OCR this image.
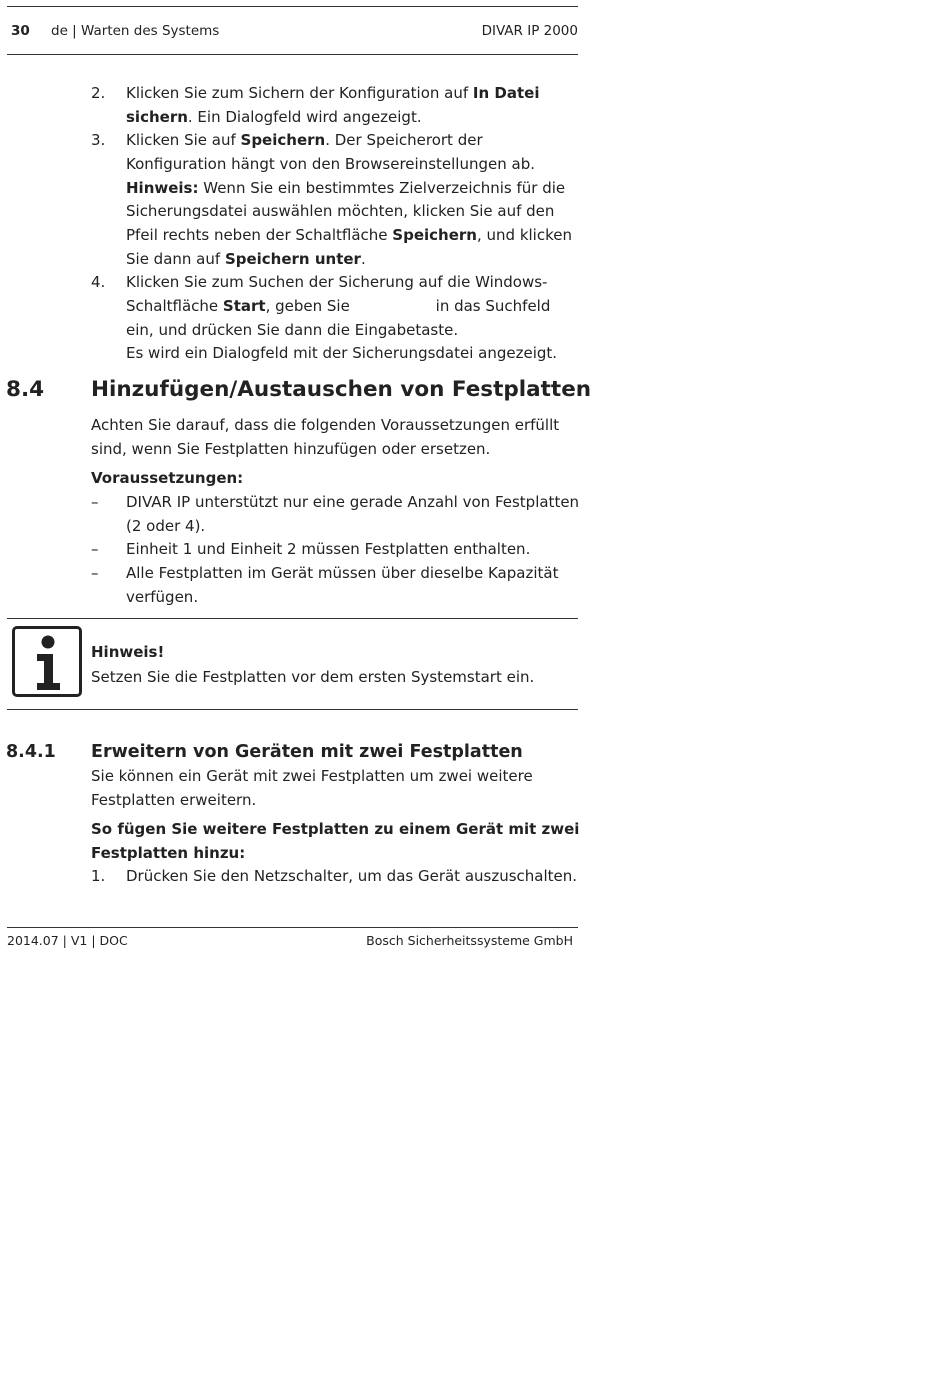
30 de | Warten des Systems	DIVAR IP 2000
2. Klicken Sie zum Sichern der Konfiguration auf In Datei
sichern. Ein Dialogfeld wird angezeigt.
3. Klicken Sie auf Speichern. Der Speicherort der
Konfiguration hängt von den Browsereinstellungen ab.
Hinweis: Wenn Sie ein bestimmtes Zielverzeichnis für die
Sicherungsdatei auswählen möchten, klicken Sie auf den
Pfeil rechts neben der Schaltfläche Speichern, und klicken
Sie dann auf Speichern unter.
4. Klicken Sie zum Suchen der Sicherung auf die Windows-
Schaltfläche Start, geben Sie                  in das Suchfeld
ein, und drücken Sie dann die Eingabetaste.
Es wird ein Dialogfeld mit der Sicherungsdatei angezeigt.
8.4 Hinzufügen/Austauschen von Festplatten
Achten Sie darauf, dass die folgenden Voraussetzungen erfüllt
sind, wenn Sie Festplatten hinzufügen oder ersetzen.
Voraussetzungen:
– DIVAR IP unterstützt nur eine gerade Anzahl von Festplatten
(2 oder 4).
– Einheit 1 und Einheit 2 müssen Festplatten enthalten.
– Alle Festplatten im Gerät müssen über dieselbe Kapazität
verfügen.
Hinweis!
Setzen Sie die Festplatten vor dem ersten Systemstart ein.
8.4.1 Erweitern von Geräten mit zwei Festplatten
Sie können ein Gerät mit zwei Festplatten um zwei weitere
Festplatten erweitern.
So fügen Sie weitere Festplatten zu einem Gerät mit zwei
Festplatten hinzu:
1. Drücken Sie den Netzschalter, um das Gerät auszuschalten.
2014.07 | V1 | DOC	Bosch Sicherheitssysteme GmbH
